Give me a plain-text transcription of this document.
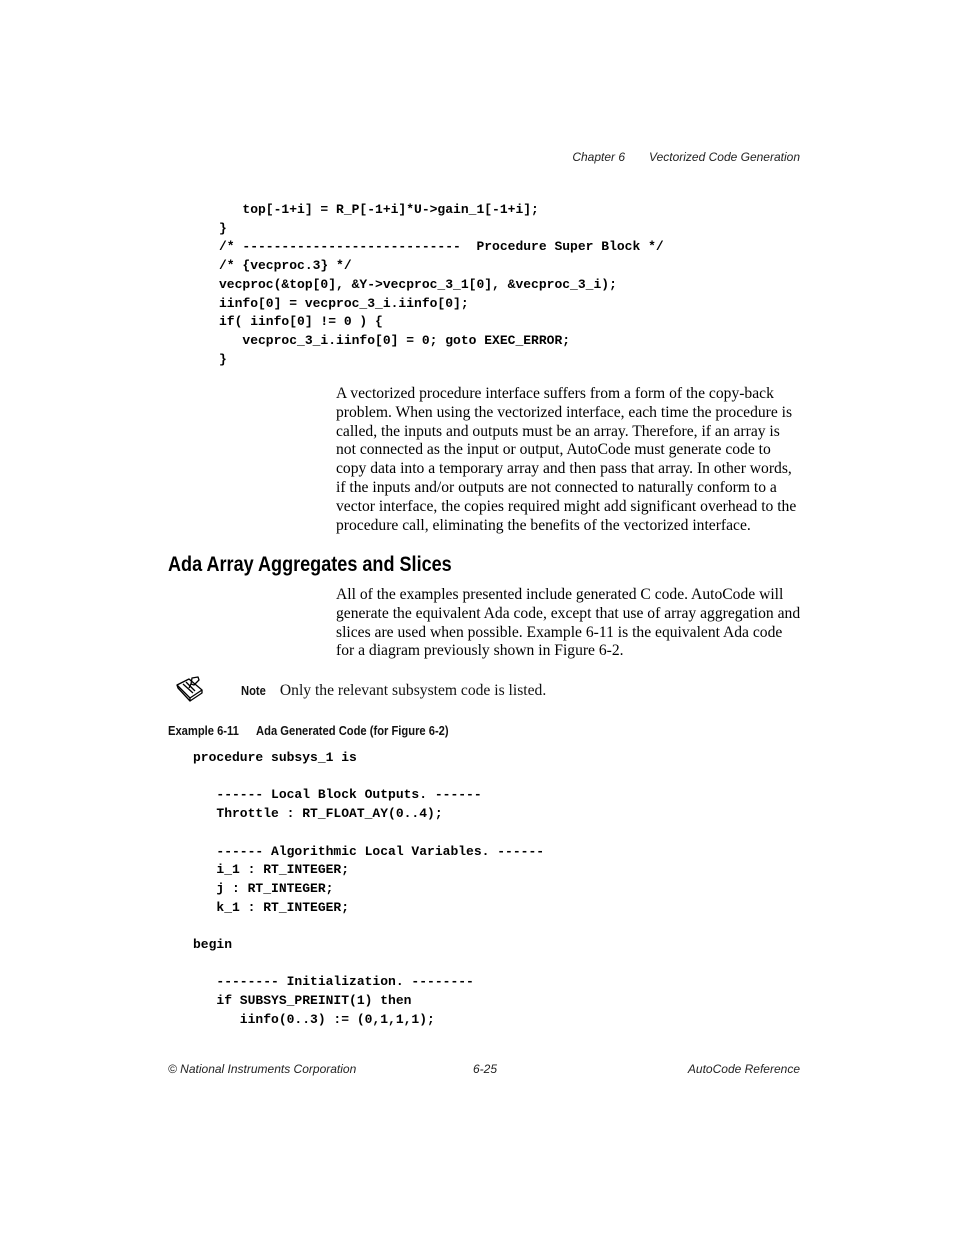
Chapter 6 Vectorized Code Generation
top[-1+i] = R_P[-1+i]*U->gain_1[-1+i];
}
/* ----------------------------  Procedure Super Block */
/* {vecproc.3} */
vecproc(&top[0], &Y->vecproc_3_1[0], &vecproc_3_i);
iinfo[0] = vecproc_3_i.iinfo[0];
if( iinfo[0] != 0 ) {
vecproc_3_i.iinfo[0] = 0; goto EXEC_ERROR;
}

A vectorized procedure interface suffers from a form of the copy-back problem. When using the vectorized interface, each time the procedure is called, the inputs and outputs must be an array. Therefore, if an array is not connected as the input or output, AutoCode must generate code to copy data into a temporary array and then pass that array. In other words, if the inputs and/or outputs are not connected to naturally conform to a vector interface, the copies required might add significant overhead to the procedure call, eliminating the benefits of the vectorized interface.

Ada Array Aggregates and Slices

All of the examples presented include generated C code. AutoCode will generate the equivalent Ada code, except that use of array aggregation and slices are used when possible. Example 6-11 is the equivalent Ada code for a diagram previously shown in Figure 6-2.

Note Only the relevant subsystem code is listed.
Example 6-11 Ada Generated Code (for Figure 6-2)
procedure subsys_1 is

------ Local Block Outputs. ------
Throttle : RT_FLOAT_AY(0..4);

------ Algorithmic Local Variables. ------
i_1 : RT_INTEGER;
j : RT_INTEGER;
k_1 : RT_INTEGER;

begin

-------- Initialization. --------
if SUBSYS_PREINIT(1) then
iinfo(0..3) := (0,1,1,1);
© National Instruments Corporation	6-25	AutoCode Reference
